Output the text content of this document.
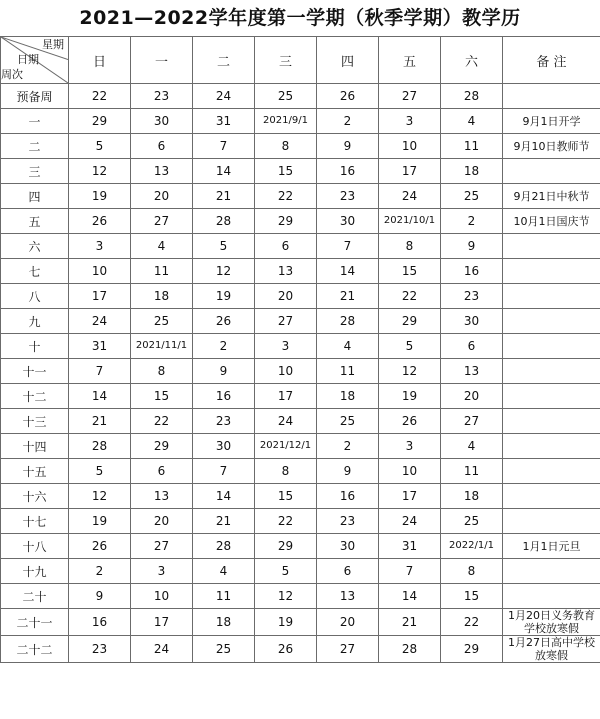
2021—2022学年度第一学期（秋季学期）教学历
星期
日期
周次	日	一	二	三	四	五	六	备 注
预备周	22	23	24	25	26	27	28	
一	29	30	31	2021/9/1	2	3	4	9月1日开学
二	5	6	7	8	9	10	11	9月10日教师节
三	12	13	14	15	16	17	18	
四	19	20	21	22	23	24	25	9月21日中秋节
五	26	27	28	29	30	2021/10/1	2	10月1日国庆节
六	3	4	5	6	7	8	9	
七	10	11	12	13	14	15	16	
八	17	18	19	20	21	22	23	
九	24	25	26	27	28	29	30	
十	31	2021/11/1	2	3	4	5	6	
十一	7	8	9	10	11	12	13	
十二	14	15	16	17	18	19	20	
十三	21	22	23	24	25	26	27	
十四	28	29	30	2021/12/1	2	3	4	
十五	5	6	7	8	9	10	11	
十六	12	13	14	15	16	17	18	
十七	19	20	21	22	23	24	25	
十八	26	27	28	29	30	31	2022/1/1	1月1日元旦
十九	2	3	4	5	6	7	8	
二十	9	10	11	12	13	14	15	
二十一	16	17	18	19	20	21	22	1月20日义务教育学校放寒假
二十二	23	24	25	26	27	28	29	1月27日高中学校放寒假
